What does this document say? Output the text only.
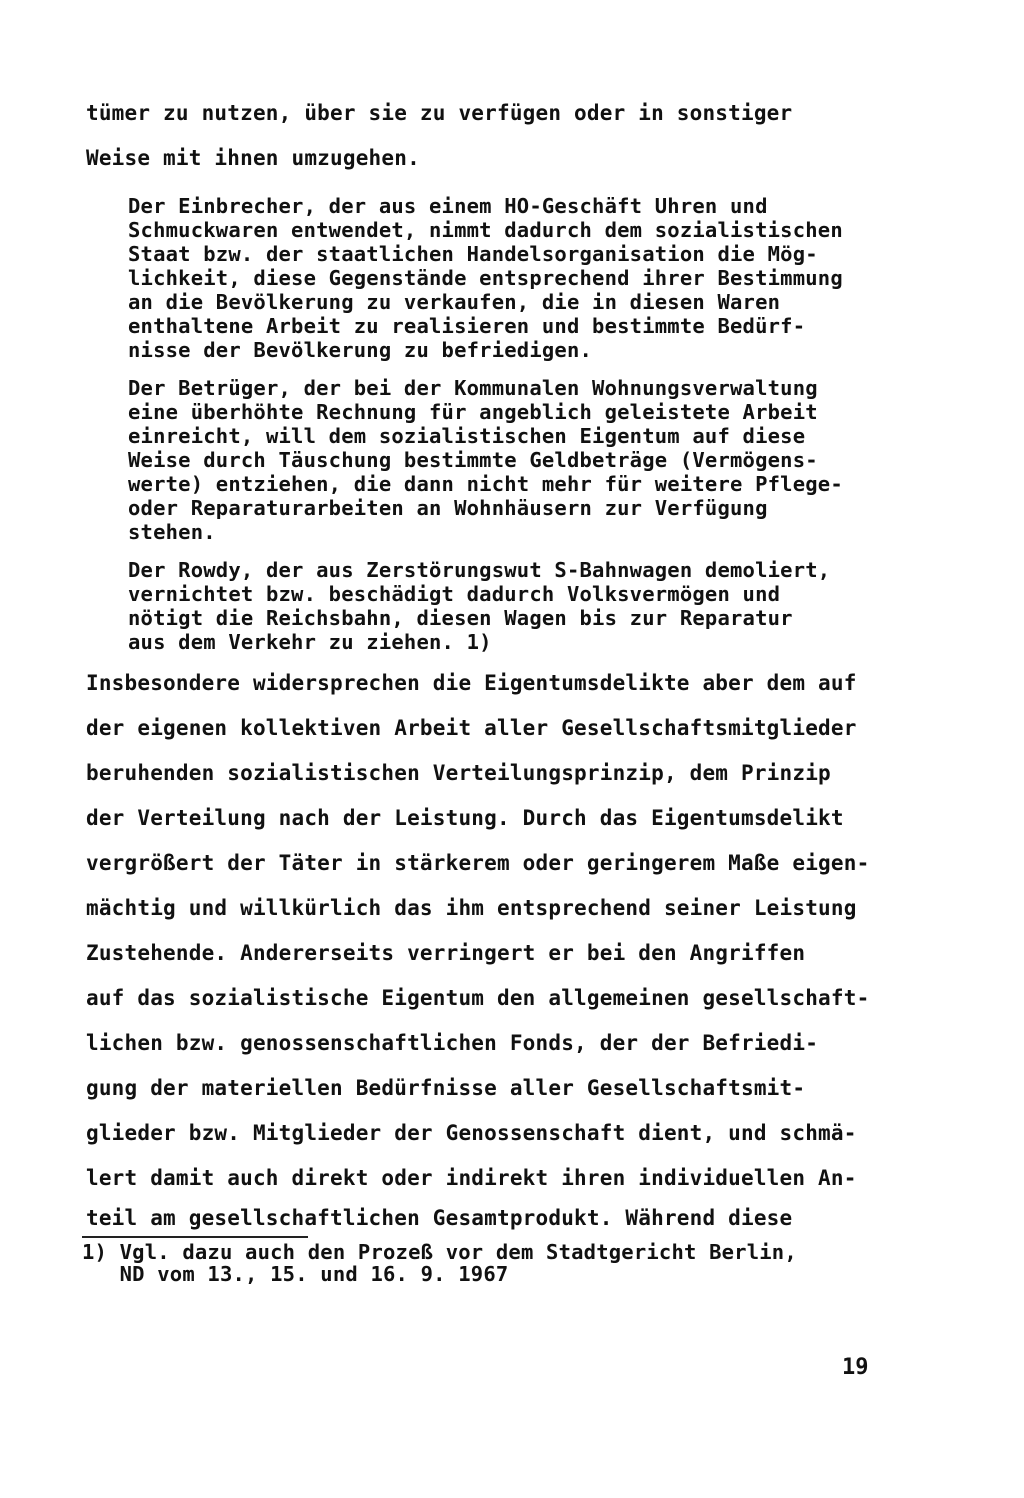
tümer zu nutzen, über sie zu verfügen oder in sonstiger
Weise mit ihnen umzugehen.
Der Einbrecher, der aus einem HO-Geschäft Uhren und
Schmuckwaren entwendet, nimmt dadurch dem sozialistischen
Staat bzw. der staatlichen Handelsorganisation die Mög-
lichkeit, diese Gegenstände entsprechend ihrer Bestimmung
an die Bevölkerung zu verkaufen, die in diesen Waren
enthaltene Arbeit zu realisieren und bestimmte Bedürf-
nisse der Bevölkerung zu befriedigen.
Der Betrüger, der bei der Kommunalen Wohnungsverwaltung
eine überhöhte Rechnung für angeblich geleistete Arbeit
einreicht, will dem sozialistischen Eigentum auf diese
Weise durch Täuschung bestimmte Geldbeträge (Vermögens-
werte) entziehen, die dann nicht mehr für weitere Pflege-
oder Reparaturarbeiten an Wohnhäusern zur Verfügung
stehen.
Der Rowdy, der aus Zerstörungswut S-Bahnwagen demoliert,
vernichtet bzw. beschädigt dadurch Volksvermögen und
nötigt die Reichsbahn, diesen Wagen bis zur Reparatur
aus dem Verkehr zu ziehen. 1)
Insbesondere widersprechen die Eigentumsdelikte aber dem auf
der eigenen kollektiven Arbeit aller Gesellschaftsmitglieder
beruhenden sozialistischen Verteilungsprinzip, dem Prinzip
der Verteilung nach der Leistung. Durch das Eigentumsdelikt
vergrößert der Täter in stärkerem oder geringerem Maße eigen-
mächtig und willkürlich das ihm entsprechend seiner Leistung
Zustehende. Andererseits verringert er bei den Angriffen
auf das sozialistische Eigentum den allgemeinen gesellschaft-
lichen bzw. genossenschaftlichen Fonds, der der Befriedi-
gung der materiellen Bedürfnisse aller Gesellschaftsmit-
glieder bzw. Mitglieder der Genossenschaft dient, und schmä-
lert damit auch direkt oder indirekt ihren individuellen An-
teil am gesellschaftlichen Gesamtprodukt. Während diese
1) Vgl. dazu auch den Prozeß vor dem Stadtgericht Berlin,
ND vom 13., 15. und 16. 9. 1967
19
